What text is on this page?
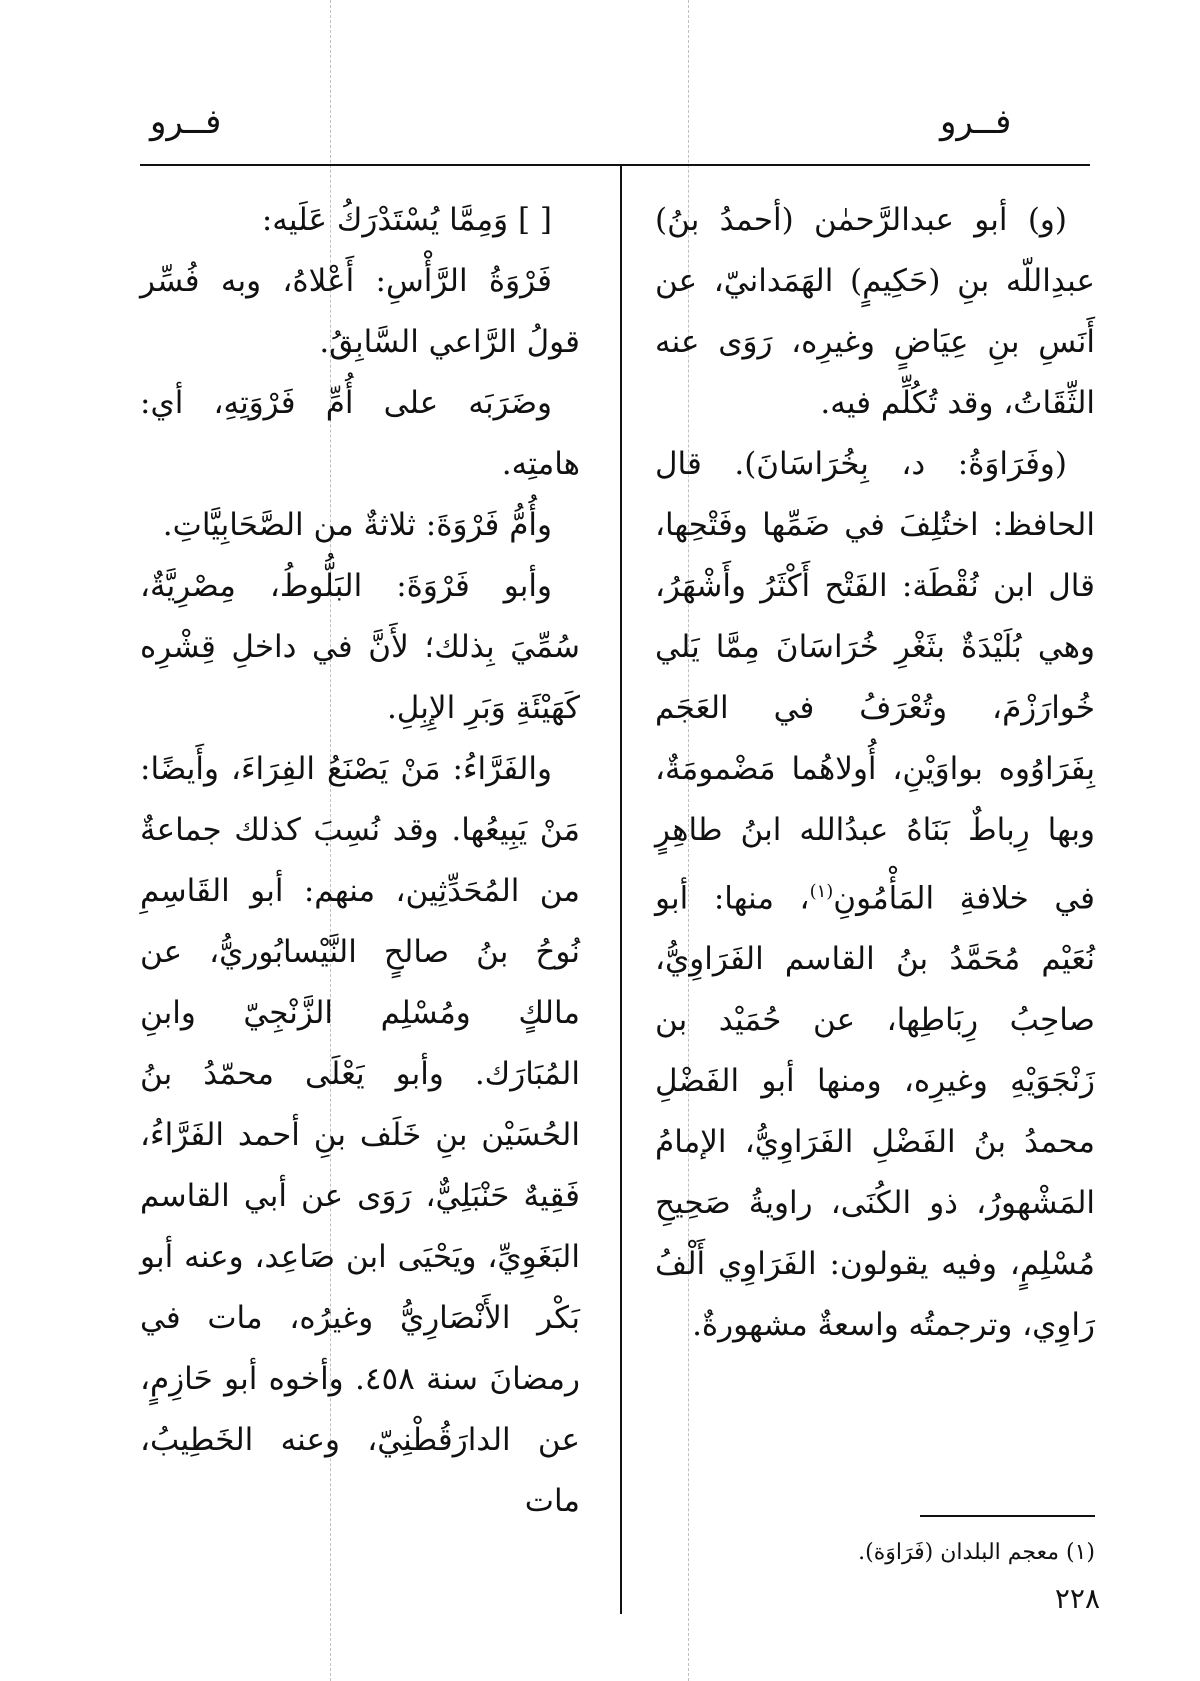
فــرو
فــرو

(و) أبو عبدالرَّحمٰن (أحمدُ بنُ) عبدِاللّه بنِ (حَكِيمٍ) الهَمَدانيّ، عن أَنَسِ بنِ عِيَاضٍ وغيرِه، رَوَى عنه الثِّقَاتُ، وقد تُكُلِّم فيه.

(وفَرَاوَةُ: د، بِخُرَاسَانَ). قال الحافظ: اختُلِفَ في ضَمِّها وفَتْحِها، قال ابن نُقْطَة: الفَتْح أَكْثَرُ وأَشْهَرُ، وهي بُلَيْدَةٌ بثَغْرِ خُرَاسَانَ مِمَّا يَلي خُوارَزْمَ، وتُعْرَفُ في العَجَم بِفَرَاوُوه بواوَيْنِ، أُولاهُما مَضْمومَةٌ، وبها رِباطٌ بَنَاهُ عبدُالله ابنُ طاهِرٍ في خلافةِ المَأْمُونِ$^{(١)}$، منها: أبو نُعَيْم مُحَمَّدُ بنُ القاسم الفَرَاوِيُّ، صاحِبُ رِبَاطِها، عن حُمَيْد بن زَنْجَوَيْهِ وغيرِه، ومنها أبو الفَضْلِ محمدُ بنُ الفَضْلِ الفَرَاوِيُّ، الإمامُ المَشْهورُ، ذو الكُنَى، راويةُ صَحِيحِ مُسْلِمٍ، وفيه يقولون: الفَرَاوِي أَلْفُ رَاوِي، وترجمتُه واسعةٌ مشهورةٌ.

[ ] وَمِمَّا يُسْتَدْرَكُ عَلَيه:

فَرْوَةُ الرَّأْسِ: أَعْلاهُ، وبه فُسِّر قولُ الرَّاعي السَّابِقُ.

وضَرَبَه على أُمِّ فَرْوَتِهِ، أي: هامتِه.

وأُمُّ فَرْوَةَ: ثلاثةٌ من الصَّحَابِيَّاتِ.

وأبو فَرْوَةَ: البَلُّوطُ، مِصْرِيَّةٌ، سُمِّيَ بِذلك؛ لأَنَّ في داخلِ قِشْرِه كَهَيْئَةِ وَبَرِ الإِبِلِ.

والفَرَّاءُ: مَنْ يَصْنَعُ الفِرَاءَ، وأَيضًا: مَنْ يَبِيعُها. وقد نُسِبَ كذلك جماعةٌ من المُحَدِّثِين، منهم: أبو القَاسِمِ نُوحُ بنُ صالحٍ النَّيْسابُوريُّ، عن مالكٍ ومُسْلِم الزَّنْجِيّ وابنِ المُبَارَك. وأبو يَعْلَى محمّدُ بنُ الحُسَيْن بنِ خَلَف بنِ أحمد الفَرَّاءُ، فَقِيهٌ حَنْبَلِيٌّ، رَوَى عن أبي القاسم البَغَوِيِّ، ويَحْيَى ابن صَاعِد، وعنه أبو بَكْر الأَنْصَارِيُّ وغيرُه، مات في رمضانَ سنة ٤٥٨. وأخوه أبو حَازِمٍ، عن الدارَقُطْنِيّ، وعنه الخَطِيبُ، مات

(١) معجم البلدان (فَرَاوَة).
٢٢٨
